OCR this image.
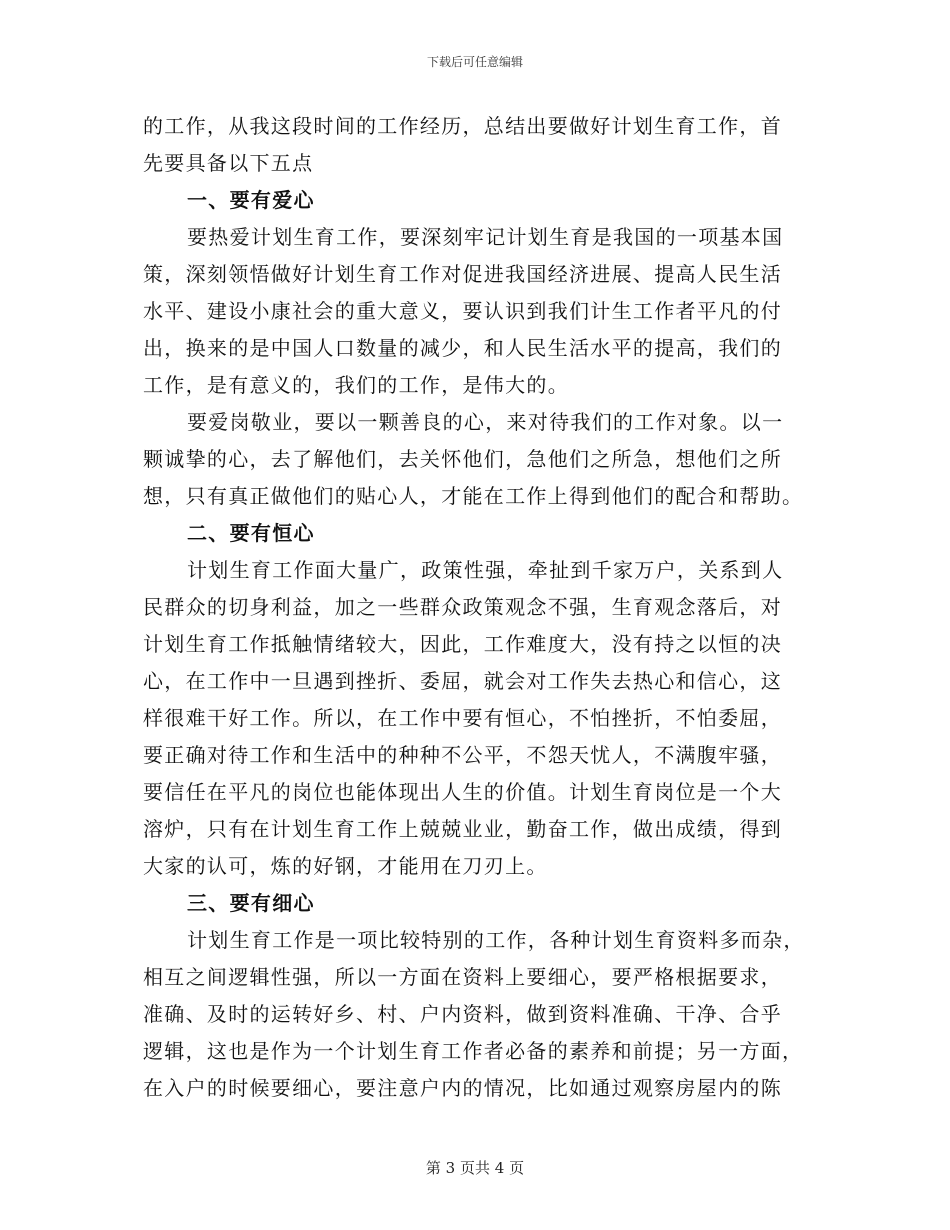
下载后可任意编辑
的工作，从我这段时间的工作经历，总结出要做好计划生育工作，首
先要具备以下五点
一、要有爱心
要热爱计划生育工作，要深刻牢记计划生育是我国的一项基本国
策，深刻领悟做好计划生育工作对促进我国经济进展、提高人民生活
水平、建设小康社会的重大意义，要认识到我们计生工作者平凡的付
出，换来的是中国人口数量的减少，和人民生活水平的提高，我们的
工作，是有意义的，我们的工作，是伟大的。
要爱岗敬业，要以一颗善良的心，来对待我们的工作对象。以一
颗诚挚的心，去了解他们，去关怀他们，急他们之所急，想他们之所
想，只有真正做他们的贴心人，才能在工作上得到他们的配合和帮助。
二、要有恒心
计划生育工作面大量广，政策性强，牵扯到千家万户，关系到人
民群众的切身利益，加之一些群众政策观念不强，生育观念落后，对
计划生育工作抵触情绪较大，因此，工作难度大，没有持之以恒的决
心，在工作中一旦遇到挫折、委屈，就会对工作失去热心和信心，这
样很难干好工作。所以，在工作中要有恒心，不怕挫折，不怕委屈，
要正确对待工作和生活中的种种不公平，不怨天忧人，不满腹牢骚，
要信任在平凡的岗位也能体现出人生的价值。计划生育岗位是一个大
溶炉，只有在计划生育工作上兢兢业业，勤奋工作，做出成绩，得到
大家的认可，炼的好钢，才能用在刀刃上。
三、要有细心
计划生育工作是一项比较特别的工作，各种计划生育资料多而杂，
相互之间逻辑性强，所以一方面在资料上要细心，要严格根据要求，
准确、及时的运转好乡、村、户内资料，做到资料准确、干净、合乎
逻辑，这也是作为一个计划生育工作者必备的素养和前提；另一方面，
在入户的时候要细心，要注意户内的情况，比如通过观察房屋内的陈
第 3 页共 4 页
